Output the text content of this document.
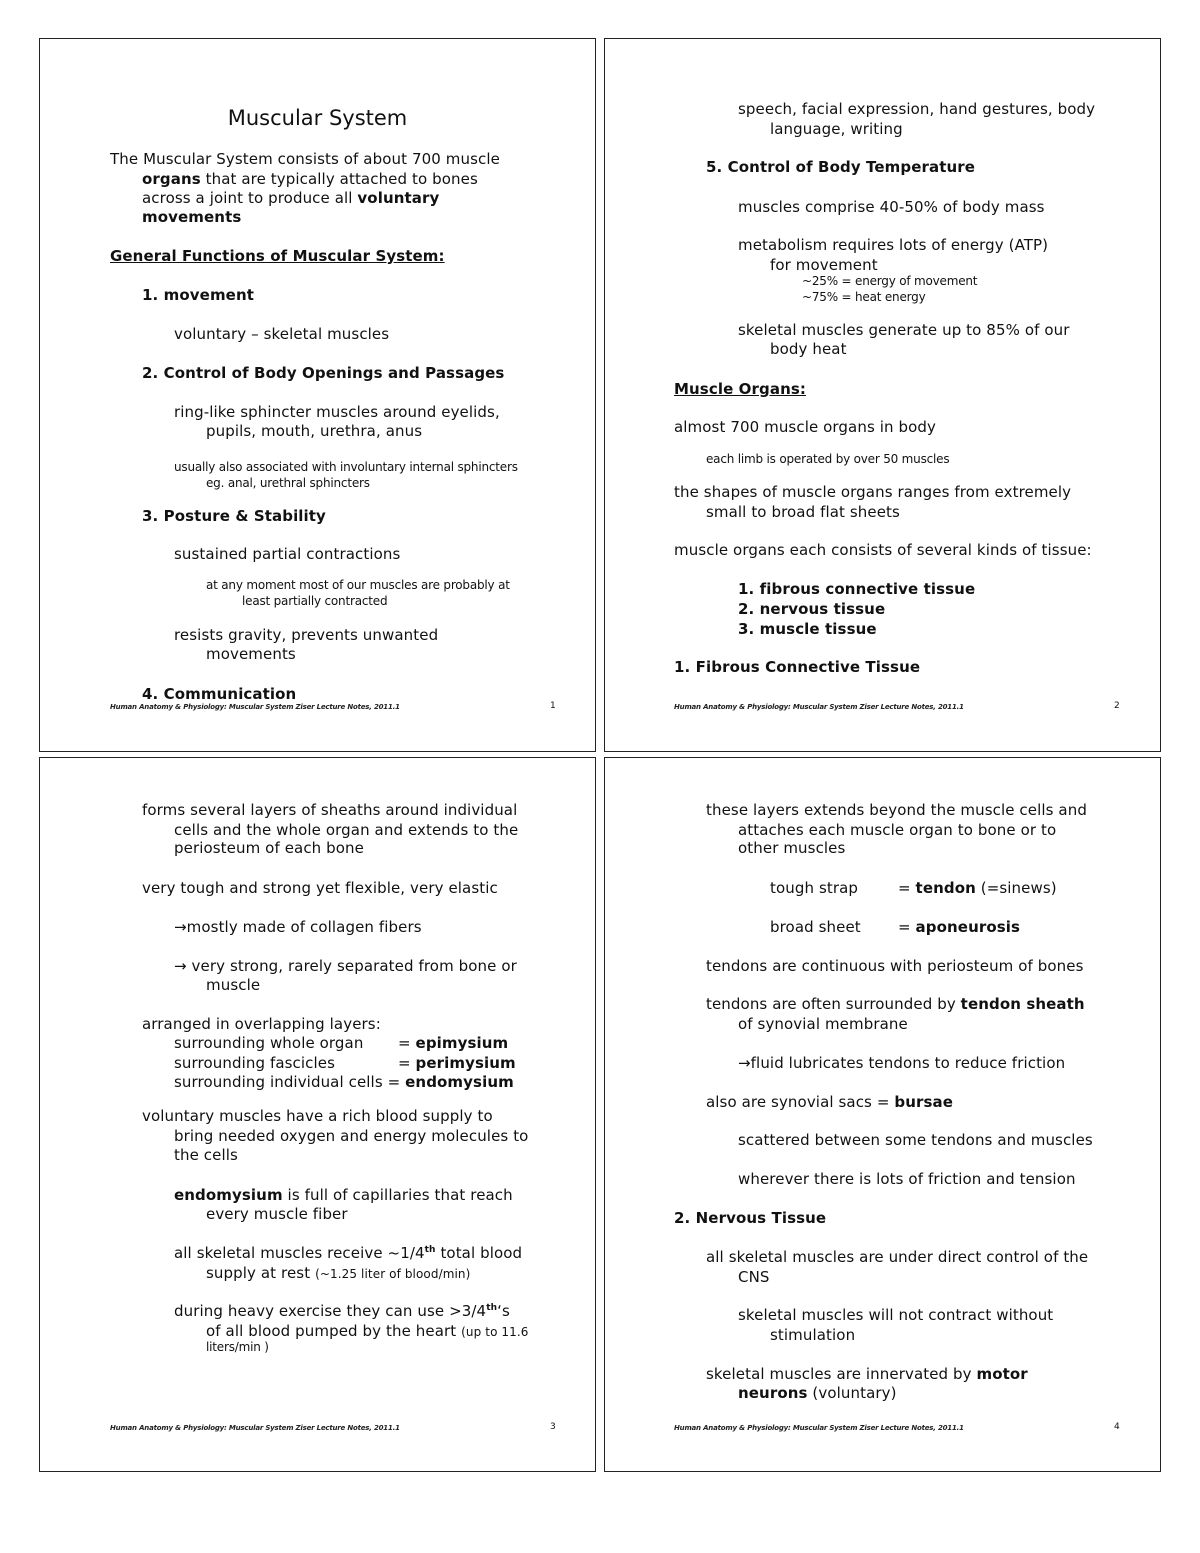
Muscular System
The Muscular System consists of about 700 muscle
organs that are typically attached to bones
across a joint to produce all voluntary
movements
General Functions of Muscular System:
1. movement
voluntary – skeletal muscles
2. Control of Body Openings and Passages
ring-like sphincter muscles around eyelids,
pupils, mouth, urethra, anus
usually also associated with involuntary internal sphincters
eg. anal, urethral sphincters
3. Posture & Stability
sustained partial contractions
at any moment most of our muscles are probably at
least partially contracted
resists gravity, prevents unwanted
movements
4. Communication
Human Anatomy & Physiology: Muscular System Ziser Lecture Notes, 2011.1	1
speech, facial expression, hand gestures, body
language, writing
5. Control of Body Temperature
muscles comprise 40-50% of body mass
metabolism requires lots of energy (ATP)
for movement
~25% = energy of movement
~75% = heat energy
skeletal muscles generate up to 85% of our
body heat
Muscle Organs:
almost 700 muscle organs in body
each limb is operated by over 50 muscles
the shapes of muscle organs ranges from extremely
small to broad flat sheets
muscle organs each consists of several kinds of tissue:
1. fibrous connective tissue
2. nervous tissue
3. muscle tissue
1. Fibrous Connective Tissue
Human Anatomy & Physiology: Muscular System Ziser Lecture Notes, 2011.1	2
forms several layers of sheaths around individual
cells and the whole organ and extends to the
periosteum of each bone
very tough and strong yet flexible, very elastic
→mostly made of collagen fibers
→ very strong, rarely separated from bone or
muscle
arranged in overlapping layers:
surrounding whole organ = epimysium
surrounding fascicles	= perimysium
surrounding individual cells = endomysium
voluntary muscles have a rich blood supply to
bring needed oxygen and energy molecules to
the cells
endomysium is full of capillaries that reach
every muscle fiber
all skeletal muscles receive ~1/4th total blood
supply at rest (~1.25 liter of blood/min)
during heavy exercise they can use >3/4th‘s
of all blood pumped by the heart (up to 11.6
liters/min )
Human Anatomy & Physiology: Muscular System Ziser Lecture Notes, 2011.1	3
these layers extends beyond the muscle cells and
attaches each muscle organ to bone or to
other muscles
tough strap	= tendon (=sinews)
broad sheet = aponeurosis
tendons are continuous with periosteum of bones
tendons are often surrounded by tendon sheath
of synovial membrane
→fluid lubricates tendons to reduce friction
also are synovial sacs = bursae
scattered between some tendons and muscles
wherever there is lots of friction and tension
2. Nervous Tissue
all skeletal muscles are under direct control of the
CNS
skeletal muscles will not contract without
stimulation
skeletal muscles are innervated by motor
neurons (voluntary)
Human Anatomy & Physiology: Muscular System Ziser Lecture Notes, 2011.1	4
